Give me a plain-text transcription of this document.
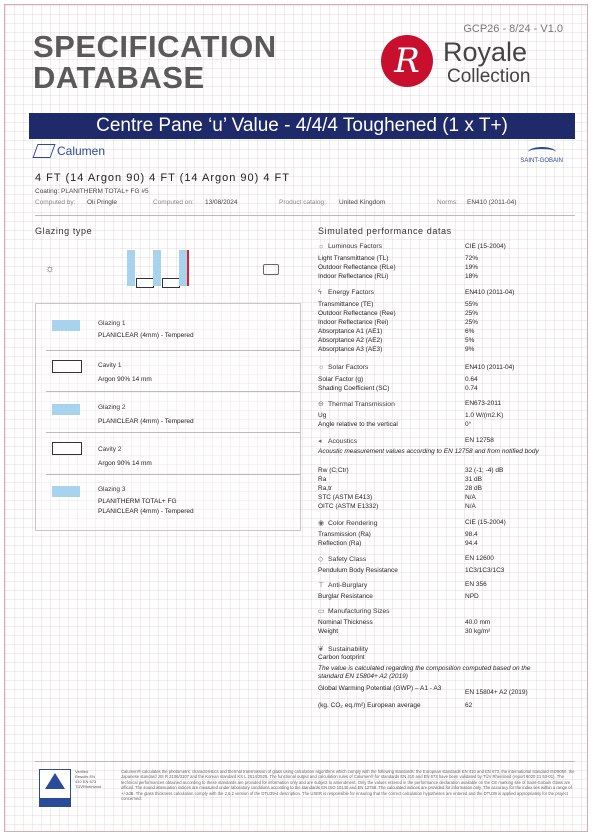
SPECIFICATION
DATABASE
GCP26 - 8/24 - V1.0
R Royale
Collection
Centre Pane ‘u’ Value - 4/4/4 Toughened (1 x T+)
Calumen
SAINT-GOBAIN
4 FT (14 Argon 90) 4 FT (14 Argon 90) 4 FT
Coating: PLANITHERM TOTAL+ FG #5
Computed by: Oli Pringle	Computed on: 13/08/2024	Product catalog: United Kingdom	Norms: EN410 (2011-04)
Glazing type	Simulated performance datas
☼
Glazing 1
PLANICLEAR (4mm) - Tempered
Cavity 1
Argon 90% 14 mm
Glazing 2
PLANICLEAR (4mm) - Tempered
Cavity 2
Argon 90% 14 mm
Glazing 3
PLANITHERM TOTAL+ FG
PLANICLEAR (4mm) - Tempered
☼ Luminous Factors	CIE (15-2004)
Light Transmittance (TL)	72%
Outdoor Reflectance (RLe)	19%
Indoor Reflectance (RLi)	18%
ϟ Energy Factors	EN410 (2011-04)
Transmittance (TE)	55%
Outdoor Reflectance (Ree)	25%
Indoor Reflectance (Rei)	25%
Absorptance A1 (AE1)	6%
Absorptance A2 (AE2)	5%
Absorptance A3 (AE3)	9%
☼ Solar Factors	EN410 (2011-04)
Solar Factor (g)	0.64
Shading Coefficient (SC)	0.74
⊖ Thermal Transmission	EN673-2011
Ug	1.0 W/(m2.K)
Angle relative to the vertical	0°
◂ Acoustics	EN 12758
Acoustic measurement values according to EN 12758 and from notified body
Rw (C;Ctr)	32 (-1; -4) dB
Ra	31 dB
Ra,tr	28 dB
STC (ASTM E413)	N/A
OITC (ASTM E1332)	N/A
◉ Color Rendering	CIE (15-2004)
Transmission (Ra)	98.4
Reflection (Ra)	94.4
◇ Safety Class	EN 12600
Pendulum Body Resistance	1C3/1C3/1C3
⊤ Anti-Burglary	EN 356
Burglar Resistance	NPD
▭ Manufacturing Sizes
Nominal Thickness	40.0 mm
Weight	30 kg/m²
❦ Sustainability
Carbon footprint
The value is calculated regarding the composition computed based on the standard EN 15804+ A2 (2019)
Global Warming Potential (GWP) – A1 - A3
EN 15804+ A2 (2019)
(kg. CO₂ eq./m²) European average	62
Verified Results EN 410 EN 673
TÜVRheinland
Calumen® calculates the photometric characteristics and thermal transmission of glass using calculation algorithms which comply with the following standards: the European standards EN 410 and EN 673, the international standard ISO9050, the Japanese standard JIS R 3106/3107 and the Korean standard KS L 2514/2525. The functional output and calculation rules of Calumen® for standards EN 410 and EN 673 have been validated by TÜV Rheinland (report 9020 21 53-01). The technical performances obtained according to these standards are provided for information only and are subject to amendment. Only the values entered in the performance declaration available on the CE marking site of Saint-Gobain Glass are official. The sound attenuation indices are measured under laboratory conditions according to the standards EN ISO 10140 and EN 12758. The calculated indices are provided for information only. The accuracy for the index lies within a range of +/-2dB. The glass thickness calculation comply with the 2,6,2 version of the DTU39-4 description. The USER is responsible for ensuring that the correct calculation hypotheses are entered and the DTU39 is applied appropriately for the project concerned.
